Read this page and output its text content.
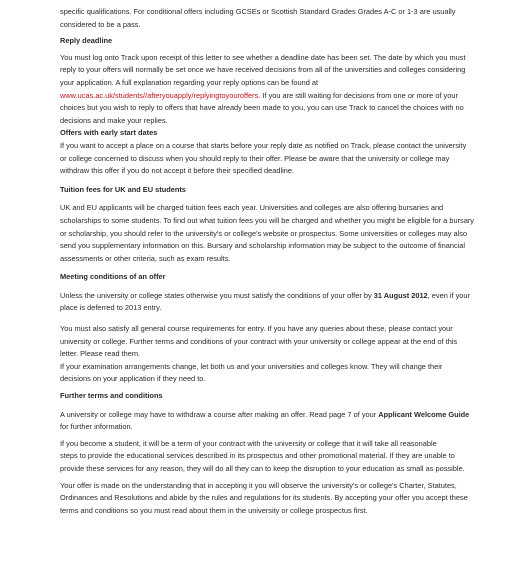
specific qualifications. For conditional offers including GCSEs or Scottish Standard Grades Grades A-C or 1-3 are usually considered to be a pass.

Reply deadline

You must log onto Track upon receipt of this letter to see whether a deadline date has been set. The date by which you must reply to your offers will normally be set once we have received decisions from all of the universities and colleges considering your application. A full explanation regarding your reply options can be found at www.ucas.ac.uk/students//afteryouapply/replyingtoyouroffers. If you are still waiting for decisions from one or more of your choices but you wish to reply to offers that have already been made to you, you can use Track to cancel the choices with no decisions and make your replies.

Offers with early start dates

If you want to accept a place on a course that starts before your reply date as notified on Track, please contact the university or college concerned to discuss when you should reply to their offer. Please be aware that the university or college may withdraw this offer if you do not accept it before their specified deadline.

Tuition fees for UK and EU students

UK and EU applicants will be charged tuition fees each year. Universities and colleges are also offering bursaries and scholarships to some students. To find out what tuition fees you will be charged and whether you might be eligible for a bursary or scholarship, you should refer to the university's or college's website or prospectus. Some universities or colleges may also send you supplementary information on this. Bursary and scholarship information may be subject to the outcome of financial assessments or other criteria, such as exam results.

Meeting conditions of an offer

Unless the university or college states otherwise you must satisfy the conditions of your offer by 31 August 2012, even if your place is deferred to 2013 entry.

You must also satisfy all general course requirements for entry. If you have any queries about these, please contact your university or college. Further terms and conditions of your contract with your university or college appear at the end of this letter. Please read them.

If your examination arrangements change, let both us and your universities and colleges know. They will change their decisions on your application if they need to.

Further terms and conditions

A university or college may have to withdraw a course after making an offer. Read page 7 of your Applicant Welcome Guide for further information.

If you become a student, it will be a term of your contract with the university or college that it will take all reasonable

steps to provide the educational services described in its prospectus and other promotional material. If they are unable to provide these services for any reason, they will do all they can to keep the disruption to your education as small as possible.

Your offer is made on the understanding that in accepting it you will observe the university's or college's Charter, Statutes, Ordinances and Resolutions and abide by the rules and regulations for its students. By accepting your offer you accept these terms and conditions so you must read about them in the university or college prospectus first.
